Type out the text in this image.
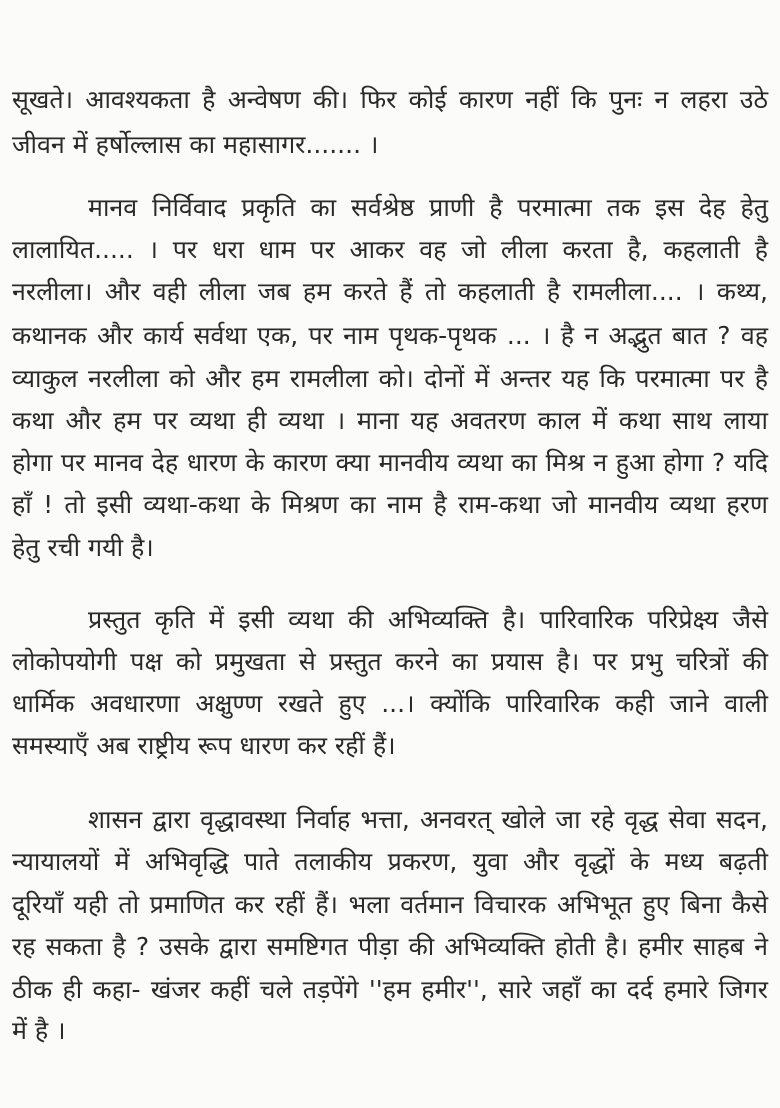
सूखते। आवश्यकता है अन्वेषण की। फिर कोई कारण नहीं कि पुनः न लहरा उठे
जीवन में हर्षोल्लास का महासागर....... ।
मानव निर्विवाद प्रकृति का सर्वश्रेष्ठ प्राणी है परमात्मा तक इस देह हेतु
लालायित..... । पर धरा धाम पर आकर वह जो लीला करता है, कहलाती है
नरलीला। और वही लीला जब हम करते हैं तो कहलाती है रामलीला.... । कथ्य,
कथानक और कार्य सर्वथा एक, पर नाम पृथक-पृथक ... । है न अद्भुत बात ? वह
व्याकुल नरलीला को और हम रामलीला को। दोनों में अन्तर यह कि परमात्मा पर है
कथा और हम पर व्यथा ही व्यथा । माना यह अवतरण काल में कथा साथ लाया
होगा पर मानव देह धारण के कारण क्या मानवीय व्यथा का मिश्र न हुआ होगा ? यदि
हाँ ! तो इसी व्यथा-कथा के मिश्रण का नाम है राम-कथा जो मानवीय व्यथा हरण
हेतु रची गयी है।
प्रस्तुत कृति में इसी व्यथा की अभिव्यक्ति है। पारिवारिक परिप्रेक्ष्य जैसे
लोकोपयोगी पक्ष को प्रमुखता से प्रस्तुत करने का प्रयास है। पर प्रभु चरित्रों की
धार्मिक अवधारणा अक्षुण्ण रखते हुए ...। क्योंकि पारिवारिक कही जाने वाली
समस्याएँ अब राष्ट्रीय रूप धारण कर रहीं हैं।
शासन द्वारा वृद्धावस्था निर्वाह भत्ता, अनवरत् खोले जा रहे वृद्ध सेवा सदन,
न्यायालयों में अभिवृद्धि पाते तलाकीय प्रकरण, युवा और वृद्धों के मध्य बढ़ती
दूरियाँ यही तो प्रमाणित कर रहीं हैं। भला वर्तमान विचारक अभिभूत हुए बिना कैसे
रह सकता है ? उसके द्वारा समष्टिगत पीड़ा की अभिव्यक्ति होती है। हमीर साहब ने
ठीक ही कहा- खंजर कहीं चले तड़पेंगे ''हम हमीर'', सारे जहाँ का दर्द हमारे जिगर
में है ।
